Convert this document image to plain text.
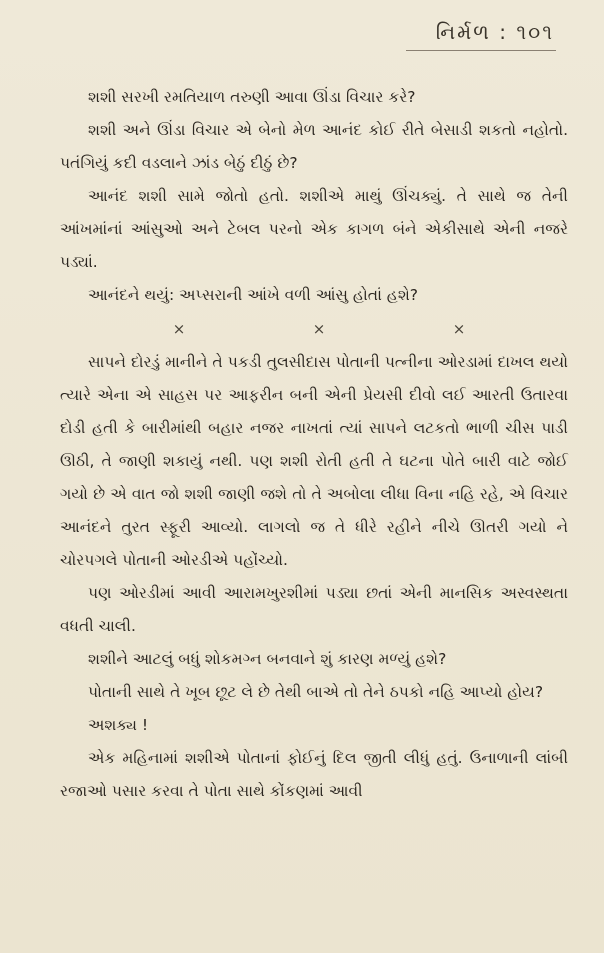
નિર્મળ : ૧૦૧

શશી સરખી રમતિયાળ તરુણી આવા ઊંડા વિચાર કરે?

શશી અને ઊંડા વિચાર એ બેનો મેળ આનંદ કોઈ રીતે બેસાડી શકતો નહોતો. પતંગિયું કદી વડલાને ઝાંડ બેઠું દીઠું છે?

આનંદ શશી સામે જોતો હતો. શશીએ માથું ઊંચક્યું. તે સાથે જ તેની આંખમાંનાં આંસુઓ અને ટેબલ પરનો એક કાગળ બંને એકીસાથે એની નજરે પડ્યાં.

આનંદને થયું: અપ્સરાની આંખે વળી આંસુ હોતાં હશે?

×	×	×

સાપને દોરડું માનીને તે પકડી તુલસીદાસ પોતાની પત્નીના ઓરડામાં દાખલ થયો ત્યારે એના એ સાહસ પર આફરીન બની એની પ્રેયસી દીવો લઈ આરતી ઉતારવા દોડી હતી કે બારીમાંથી બહાર નજર નાખતાં ત્યાં સાપને લટકતો ભાળી ચીસ પાડી ઊઠી, તે જાણી શકાયું નથી. પણ શશી રોતી હતી તે ઘટના પોતે બારી વાટે જોઈ ગયો છે એ વાત જો શશી જાણી જશે તો તે અબોલા લીધા વિના નહિ રહે, એ વિચાર આનંદને તુરત સ્ફૂરી આવ્યો. લાગલો જ તે ધીરે રહીને નીચે ઊતરી ગયો ને ચોરપગલે પોતાની ઓરડીએ પહોંચ્યો.

પણ ઓરડીમાં આવી આરામખુરશીમાં પડ્યા છતાં એની માનસિક અસ્વસ્થતા વધતી ચાલી.

શશીને આટલું બધું શોકમગ્ન બનવાને શું કારણ મળ્યું હશે?

પોતાની સાથે તે ખૂબ છૂટ લે છે તેથી બાએ તો તેને ઠપકો નહિ આપ્યો હોય?

અશક્ય !

એક મહિનામાં શશીએ પોતાનાં ફોઈનું દિલ જીતી લીધું હતું. ઉનાળાની લાંબી રજાઓ પસાર કરવા તે પોતા સાથે કોંકણમાં આવી
